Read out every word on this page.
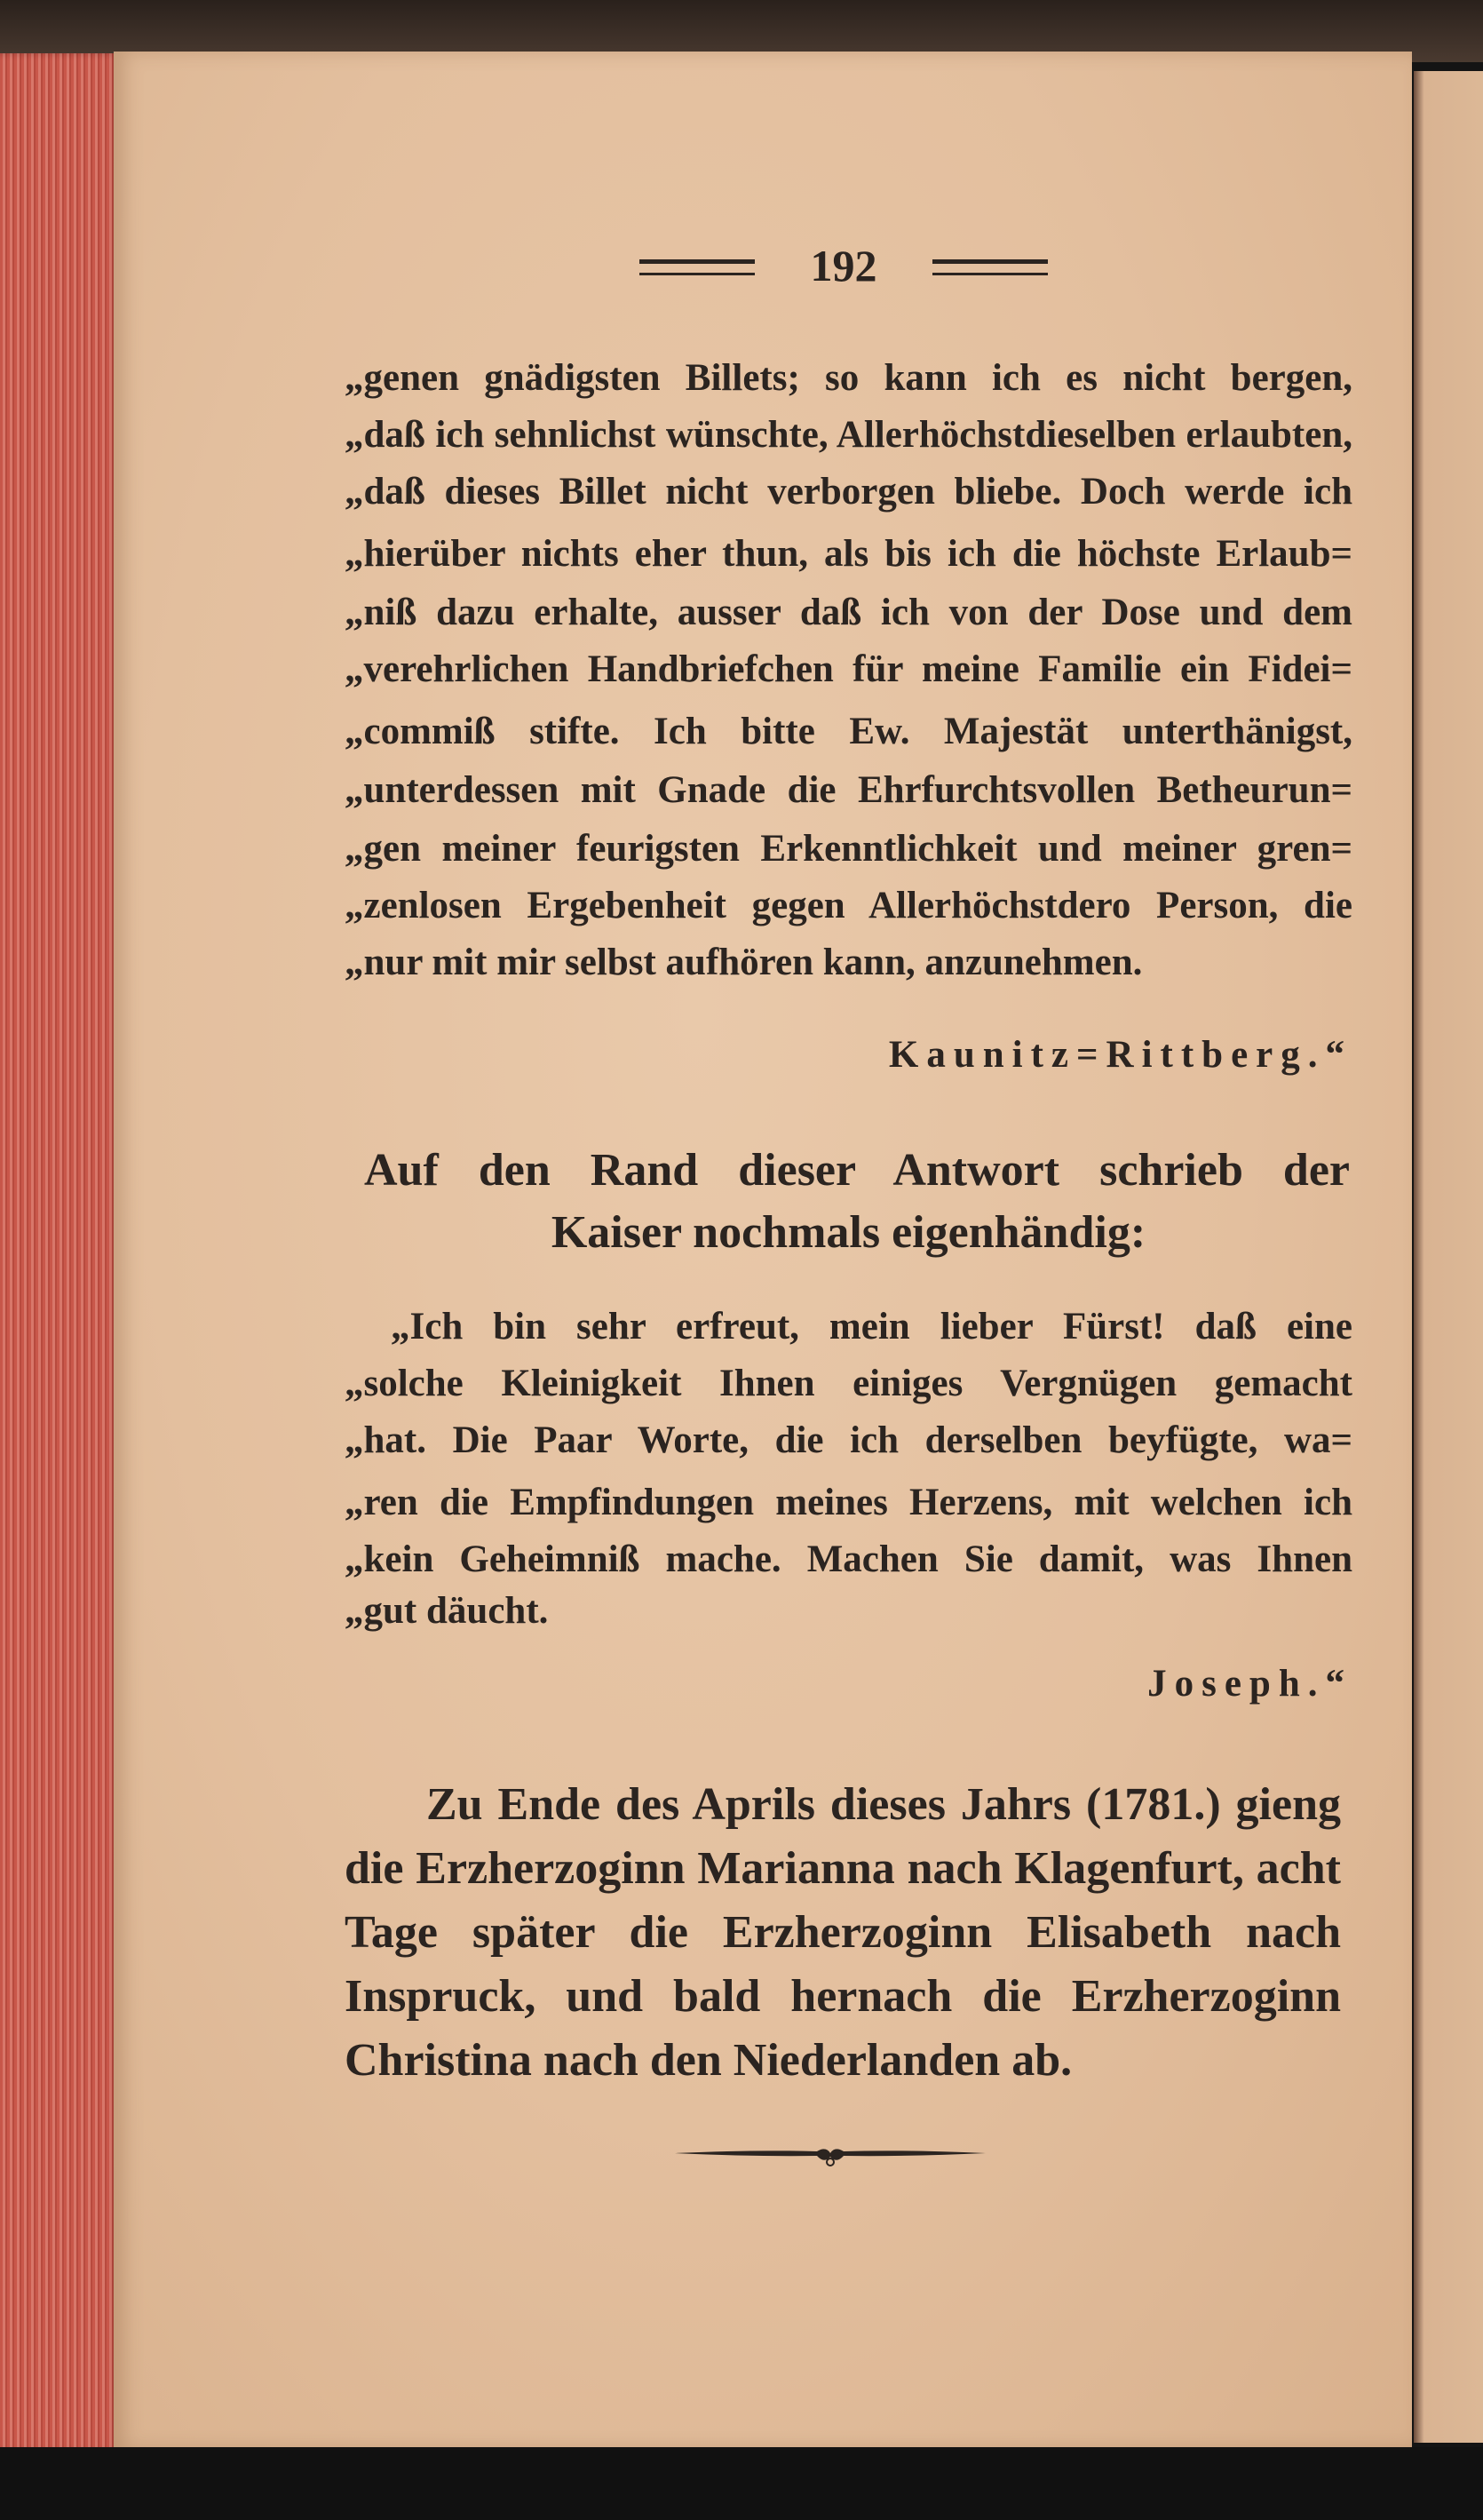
192
„genen gnädigsten Billets; so kann ich es nicht bergen,
„daß ich sehnlichst wünschte, Allerhöchstdieselben erlaubten,
„daß dieses Billet nicht verborgen bliebe. Doch werde ich
„hierüber nichts eher thun, als bis ich die höchste Erlaub=
„niß dazu erhalte, ausser daß ich von der Dose und dem
„verehrlichen Handbriefchen für meine Familie ein Fidei=
„commiß stifte. Ich bitte Ew. Majestät unterthänigst,
„unterdessen mit Gnade die Ehrfurchtsvollen Betheurun=
„gen meiner feurigsten Erkenntlichkeit und meiner gren=
„zenlosen Ergebenheit gegen Allerhöchstdero Person, die
„nur mit mir selbst aufhören kann, anzunehmen.
Kaunitz=Rittberg.“
Auf den Rand dieser Antwort schrieb der
Kaiser nochmals eigenhändig:
„Ich bin sehr erfreut, mein lieber Fürst! daß eine
„solche Kleinigkeit Ihnen einiges Vergnügen gemacht
„hat. Die Paar Worte, die ich derselben beyfügte, wa=
„ren die Empfindungen meines Herzens, mit welchen ich
„kein Geheimniß mache. Machen Sie damit, was Ihnen
„gut däucht.
Joseph.“
Zu Ende des Aprils dieses Jahrs (1781.) gieng
die Erzherzoginn Marianna nach Klagenfurt, acht
Tage später die Erzherzoginn Elisabeth nach
Inspruck, und bald hernach die Erzherzoginn
Christina nach den Niederlanden ab.
